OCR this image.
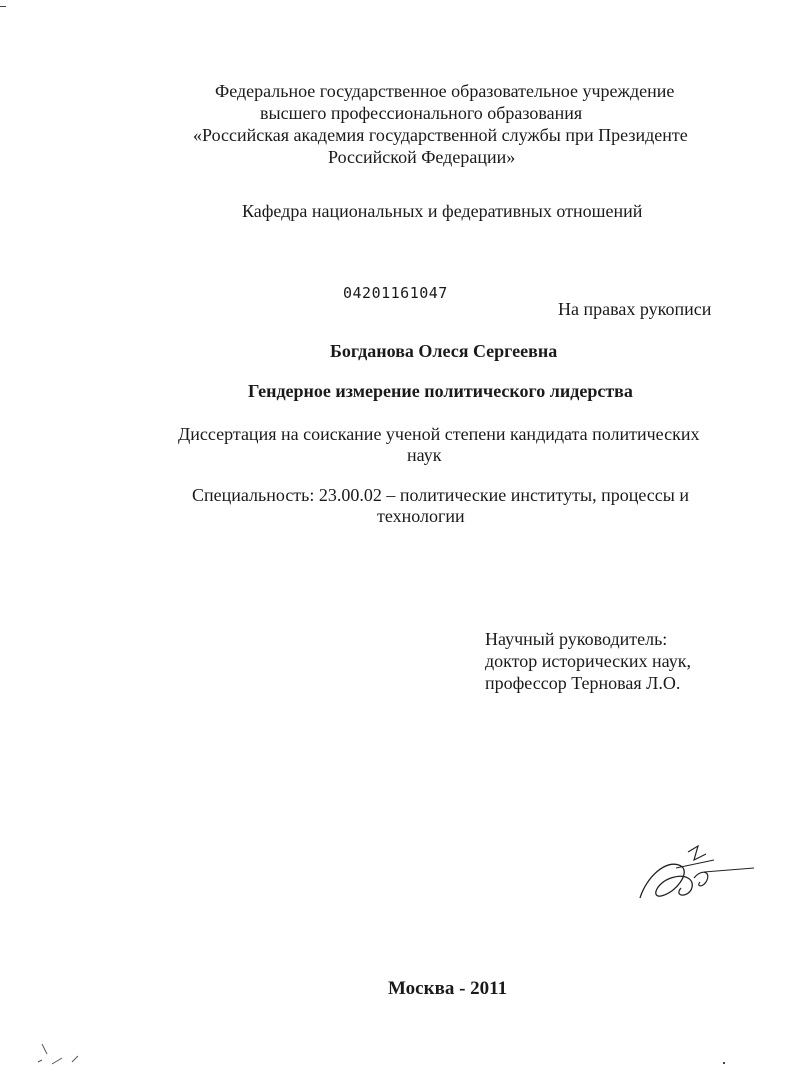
Федеральное государственное образовательное учреждение
высшего профессионального образования
«Российская академия государственной службы при Президенте
Российской Федерации»
Кафедра национальных и федеративных отношений
04201161047
На правах рукописи
Богданова Олеся Сергеевна
Гендерное измерение политического лидерства
Диссертация на соискание ученой степени кандидата политических
наук
Специальность: 23.00.02 – политические институты, процессы и
технологии
Научный руководитель:
доктор исторических наук,
профессор Терновая Л.О.
Москва - 2011
